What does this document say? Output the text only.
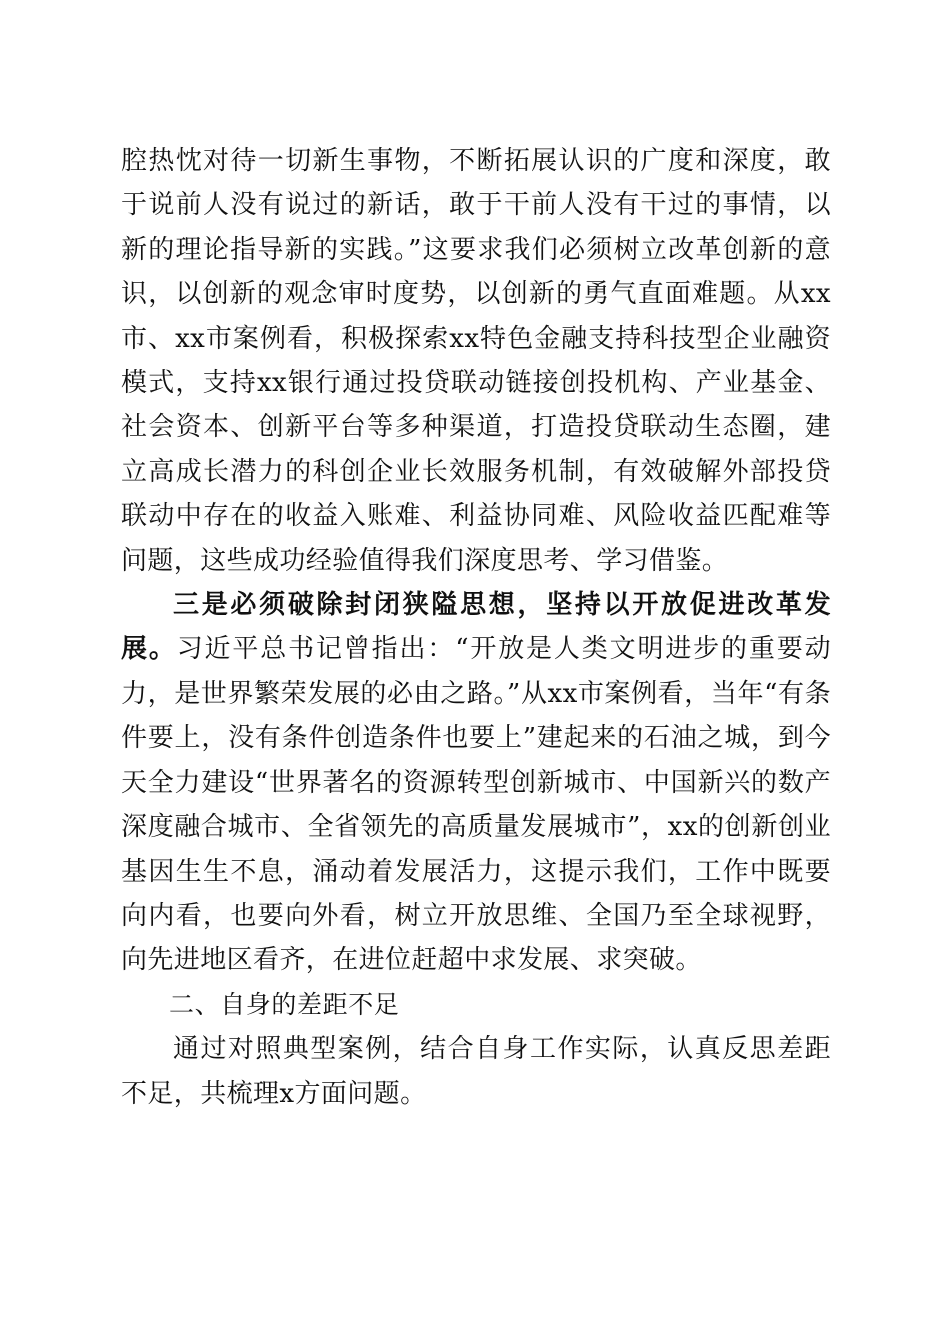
腔热忱对待一切新生事物，不断拓展认识的广度和深度，敢于说前人没有说过的新话，敢于干前人没有干过的事情，以新的理论指导新的实践。”这要求我们必须树立改革创新的意识，以创新的观念审时度势，以创新的勇气直面难题。从xx市、xx市案例看，积极探索xx特色金融支持科技型企业融资模式，支持xx银行通过投贷联动链接创投机构、产业基金、社会资本、创新平台等多种渠道，打造投贷联动生态圈，建立高成长潜力的科创企业长效服务机制，有效破解外部投贷联动中存在的收益入账难、利益协同难、风险收益匹配难等问题，这些成功经验值得我们深度思考、学习借鉴。

三是必须破除封闭狭隘思想，坚持以开放促进改革发展。习近平总书记曾指出：“开放是人类文明进步的重要动力，是世界繁荣发展的必由之路。”从xx市案例看，当年“有条件要上，没有条件创造条件也要上”建起来的石油之城，到今天全力建设“世界著名的资源转型创新城市、中国新兴的数产深度融合城市、全省领先的高质量发展城市”，xx的创新创业基因生生不息，涌动着发展活力，这提示我们，工作中既要向内看，也要向外看，树立开放思维、全国乃至全球视野，向先进地区看齐，在进位赶超中求发展、求突破。

二、自身的差距不足

通过对照典型案例，结合自身工作实际，认真反思差距不足，共梳理x方面问题。
